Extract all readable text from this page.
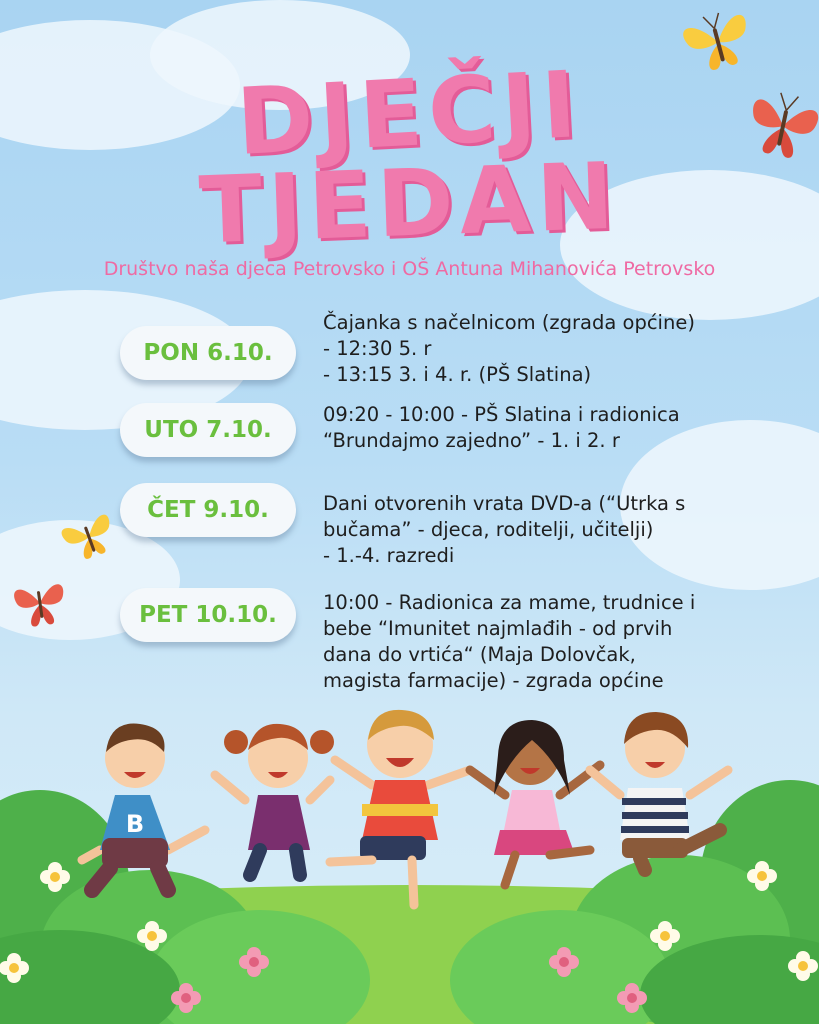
DJEČJI
TJEDAN
Društvo naša djeca Petrovsko i OŠ Antuna Mihanovića Petrovsko
PON 6.10.
Čajanka s načelnicom (zgrada općine)
- 12:30 5. r
- 13:15 3. i 4. r. (PŠ Slatina)
UTO 7.10.
09:20 - 10:00 - PŠ Slatina i radionica
“Brundajmo zajedno” - 1. i 2. r
ČET 9.10.	Dani otvorenih vrata DVD-a (“Utrka s
bučama” - djeca, roditelji, učitelji)
- 1.-4. razredi
PET 10.10.	10:00 - Radionica za mame, trudnice i
bebe “Imunitet najmlađih - od prvih
dana do vrtića“ (Maja Dolovčak,
magista farmacije) - zgrada općine
B
